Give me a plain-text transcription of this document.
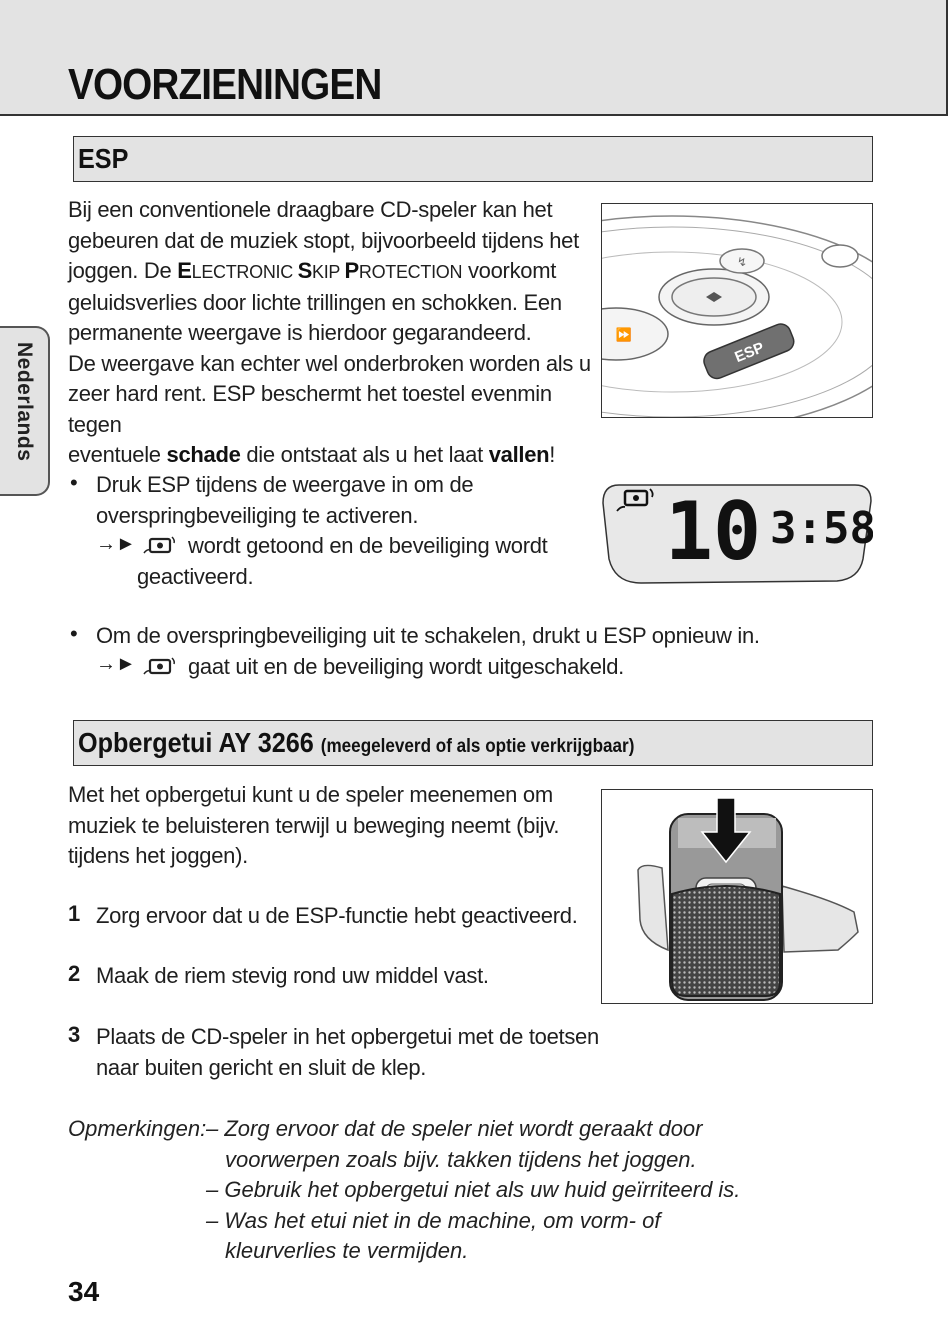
VOORZIENINGEN
Nederlands
ESP
Bij een conventionele draagbare CD-speler kan het
gebeuren dat de muziek stopt, bijvoorbeeld tijdens het
joggen. De ELECTRONIC SKIP PROTECTION voorkomt
geluidsverlies door lichte trillingen en schokken. Een
permanente weergave is hierdoor gegarandeerd.
De weergave kan echter wel onderbroken worden als u
zeer hard rent. ESP beschermt het toestel evenmin tegen
eventuele schade die ontstaat als u het laat vallen!
↯
⏩
ESP
• Druk ESP tijdens de weergave in om de
overspringbeveiliging te activeren.
→►	wordt getoond en de beveiliging wordt
geactiveerd.	10 3:58
• Om de overspringbeveiliging uit te schakelen, drukt u ESP opnieuw in.
→► gaat uit en de beveiliging wordt uitgeschakeld.
Opbergetui AY 3266 (meegeleverd of als optie verkrijgbaar)
Met het opbergetui kunt u de speler meenemen om
muziek te beluisteren terwijl u beweging neemt (bijv.
tijdens het joggen).
1 Zorg ervoor dat u de ESP-functie hebt geactiveerd.
2 Maak de riem stevig rond uw middel vast.
3 Plaats de CD-speler in het opbergetui met de toetsen
naar buiten gericht en sluit de klep.
Opmerkingen: – Zorg ervoor dat de speler niet wordt geraakt door
voorwerpen zoals bijv. takken tijdens het joggen.
– Gebruik het opbergetui niet als uw huid geïrriteerd is.
– Was het etui niet in de machine, om vorm- of
kleurverlies te vermijden.
34
